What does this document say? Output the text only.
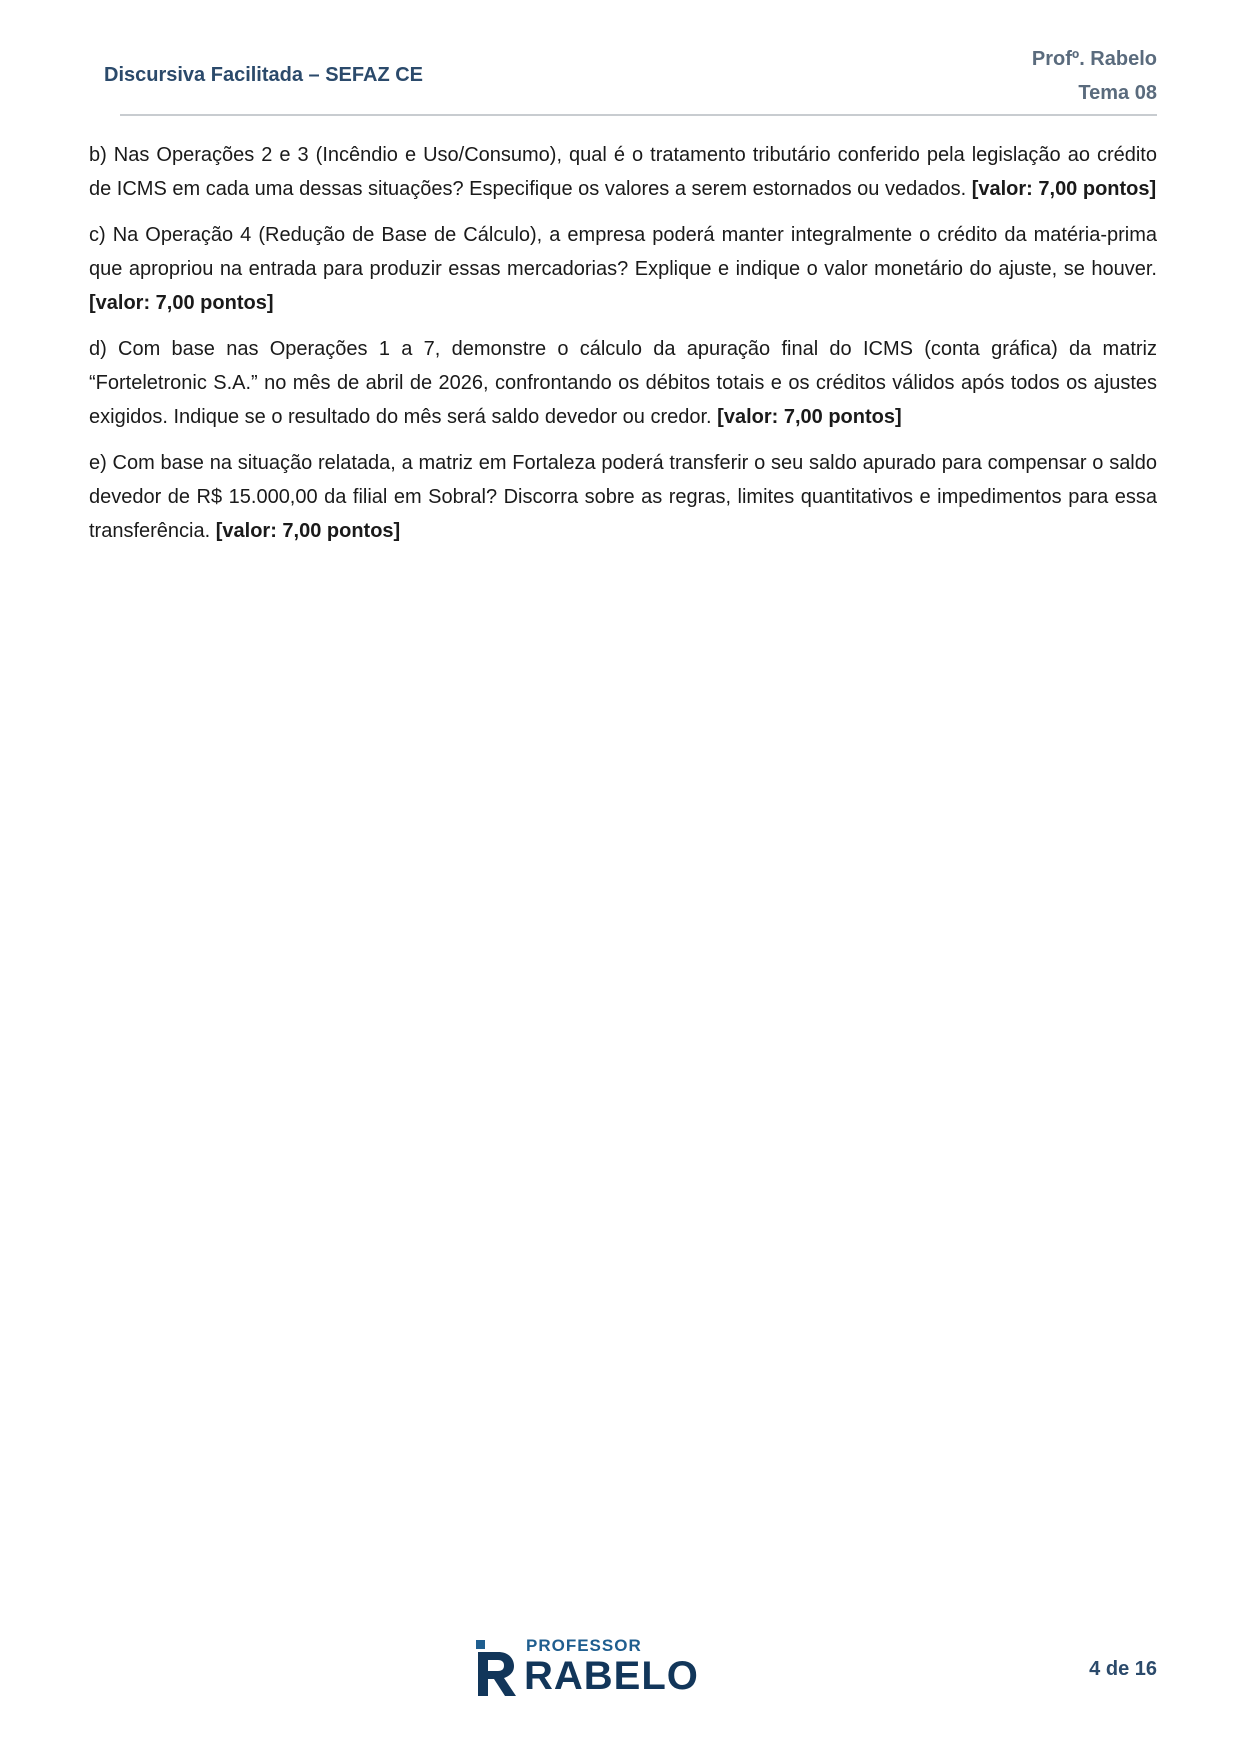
Discursiva Facilitada – SEFAZ CE
Profº. Rabelo
Tema 08

b) Nas Operações 2 e 3 (Incêndio e Uso/Consumo), qual é o tratamento tributário conferido pela legislação ao crédito de ICMS em cada uma dessas situações? Especifique os valores a serem estornados ou vedados. [valor: 7,00 pontos]

c) Na Operação 4 (Redução de Base de Cálculo), a empresa poderá manter integralmente o crédito da matéria-prima que apropriou na entrada para produzir essas mercadorias? Explique e indique o valor monetário do ajuste, se houver. [valor: 7,00 pontos]

d) Com base nas Operações 1 a 7, demonstre o cálculo da apuração final do ICMS (conta gráfica) da matriz “Forteletronic S.A.” no mês de abril de 2026, confrontando os débitos totais e os créditos válidos após todos os ajustes exigidos. Indique se o resultado do mês será saldo devedor ou credor. [valor: 7,00 pontos]

e) Com base na situação relatada, a matriz em Fortaleza poderá transferir o seu saldo apurado para compensar o saldo devedor de R$ 15.000,00 da filial em Sobral? Discorra sobre as regras, limites quantitativos e impedimentos para essa transferência. [valor: 7,00 pontos]

PROFESSOR
RABELO	4 de 16
